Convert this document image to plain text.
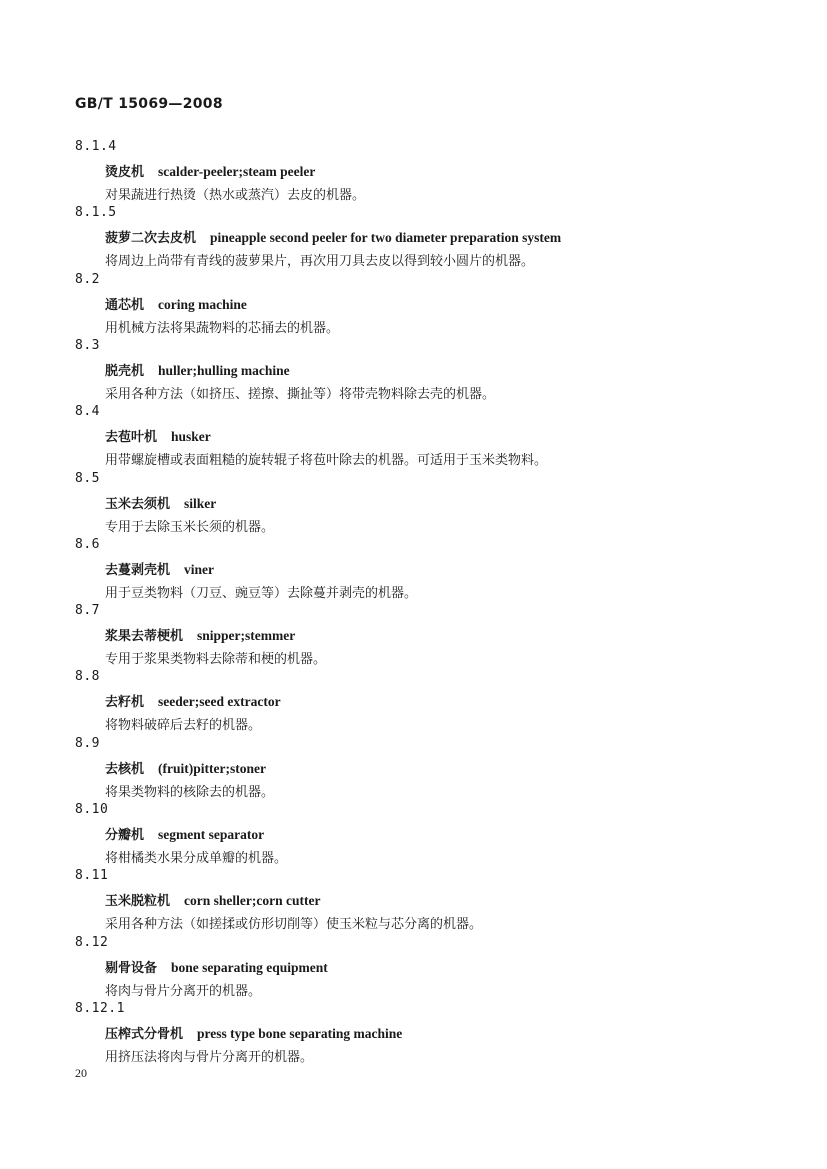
GB/T 15069—2008
8.1.4
烫皮机 scalder-peeler;steam peeler
对果蔬进行热烫（热水或蒸汽）去皮的机器。
8.1.5
菠萝二次去皮机 pineapple second peeler for two diameter preparation system
将周边上尚带有青线的菠萝果片，再次用刀具去皮以得到较小圆片的机器。
8.2
通芯机 coring machine
用机械方法将果蔬物料的芯捅去的机器。
8.3
脱壳机 huller;hulling machine
采用各种方法（如挤压、搓擦、撕扯等）将带壳物料除去壳的机器。
8.4
去苞叶机 husker
用带螺旋槽或表面粗糙的旋转辊子将苞叶除去的机器。可适用于玉米类物料。
8.5
玉米去须机 silker
专用于去除玉米长须的机器。
8.6
去蔓剥壳机 viner
用于豆类物料（刀豆、豌豆等）去除蔓并剥壳的机器。
8.7
浆果去蒂梗机 snipper;stemmer
专用于浆果类物料去除蒂和梗的机器。
8.8
去籽机 seeder;seed extractor
将物料破碎后去籽的机器。
8.9
去核机 (fruit)pitter;stoner
将果类物料的核除去的机器。
8.10
分瓣机 segment separator
将柑橘类水果分成单瓣的机器。
8.11
玉米脱粒机 corn sheller;corn cutter
采用各种方法（如搓揉或仿形切削等）使玉米粒与芯分离的机器。
8.12
剔骨设备 bone separating equipment
将肉与骨片分离开的机器。
8.12.1
压榨式分骨机 press type bone separating machine
用挤压法将肉与骨片分离开的机器。
20
